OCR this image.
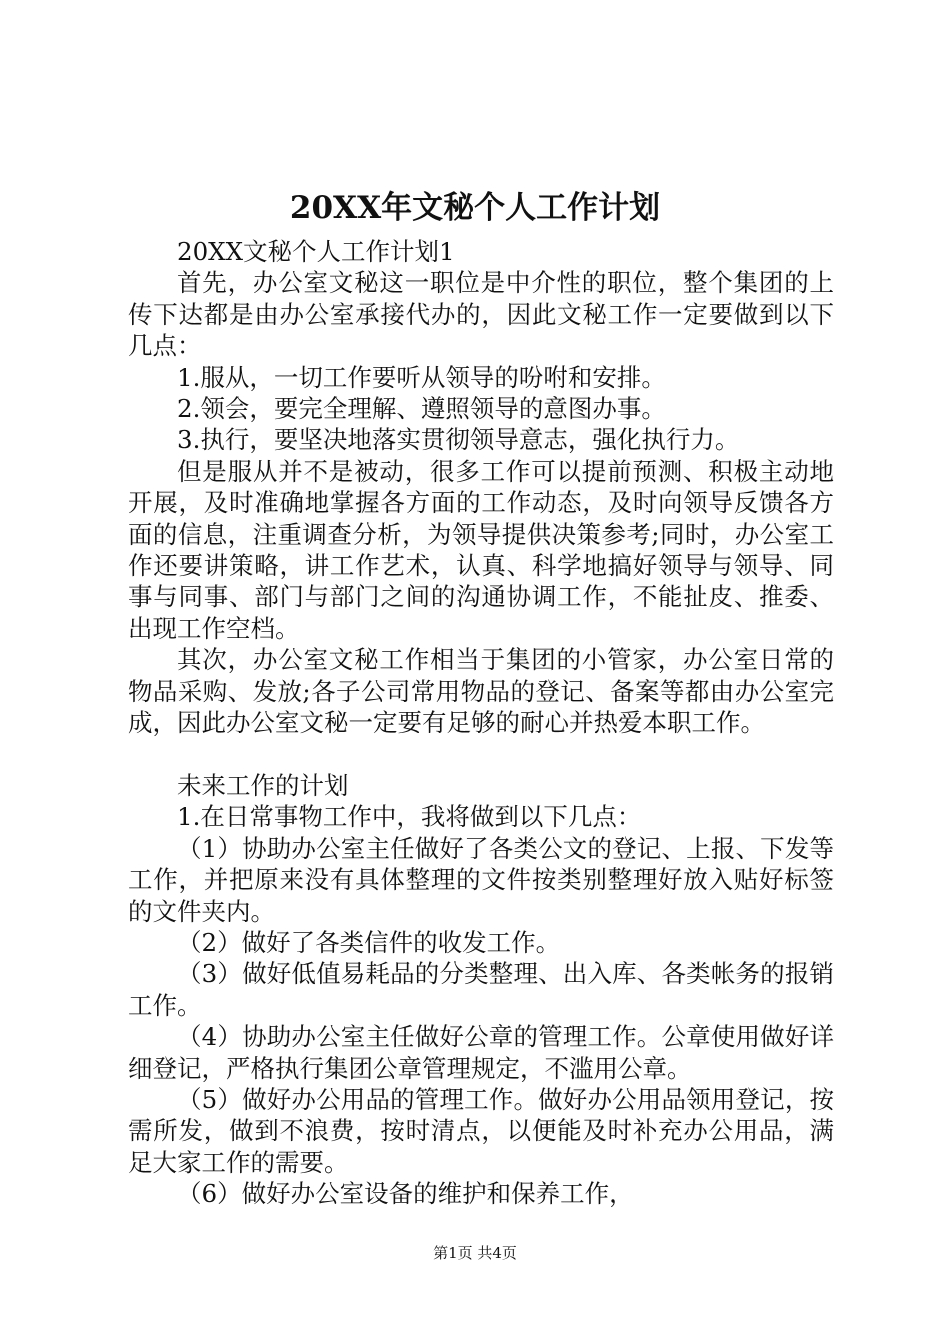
20XX年文秘个人工作计划

20XX文秘个人工作计划1

首先，办公室文秘这一职位是中介性的职位，整个集团的上传下达都是由办公室承接代办的，因此文秘工作一定要做到以下几点：

1.服从，一切工作要听从领导的吩咐和安排。

2.领会，要完全理解、遵照领导的意图办事。

3.执行，要坚决地落实贯彻领导意志，强化执行力。

但是服从并不是被动，很多工作可以提前预测、积极主动地开展，及时准确地掌握各方面的工作动态，及时向领导反馈各方面的信息，注重调查分析，为领导提供决策参考;同时，办公室工作还要讲策略，讲工作艺术，认真、科学地搞好领导与领导、同事与同事、部门与部门之间的沟通协调工作，不能扯皮、推委、出现工作空档。

其次，办公室文秘工作相当于集团的小管家，办公室日常的物品采购、发放;各子公司常用物品的登记、备案等都由办公室完成，因此办公室文秘一定要有足够的耐心并热爱本职工作。

未来工作的计划

1.在日常事物工作中，我将做到以下几点：

（1）协助办公室主任做好了各类公文的登记、上报、下发等工作，并把原来没有具体整理的文件按类别整理好放入贴好标签的文件夹内。

（2）做好了各类信件的收发工作。

（3）做好低值易耗品的分类整理、出入库、各类帐务的报销工作。

（4）协助办公室主任做好公章的管理工作。公章使用做好详细登记，严格执行集团公章管理规定，不滥用公章。

（5）做好办公用品的管理工作。做好办公用品领用登记，按需所发，做到不浪费，按时清点，以便能及时补充办公用品，满足大家工作的需要。

（6）做好办公室设备的维护和保养工作，

第1页 共4页
